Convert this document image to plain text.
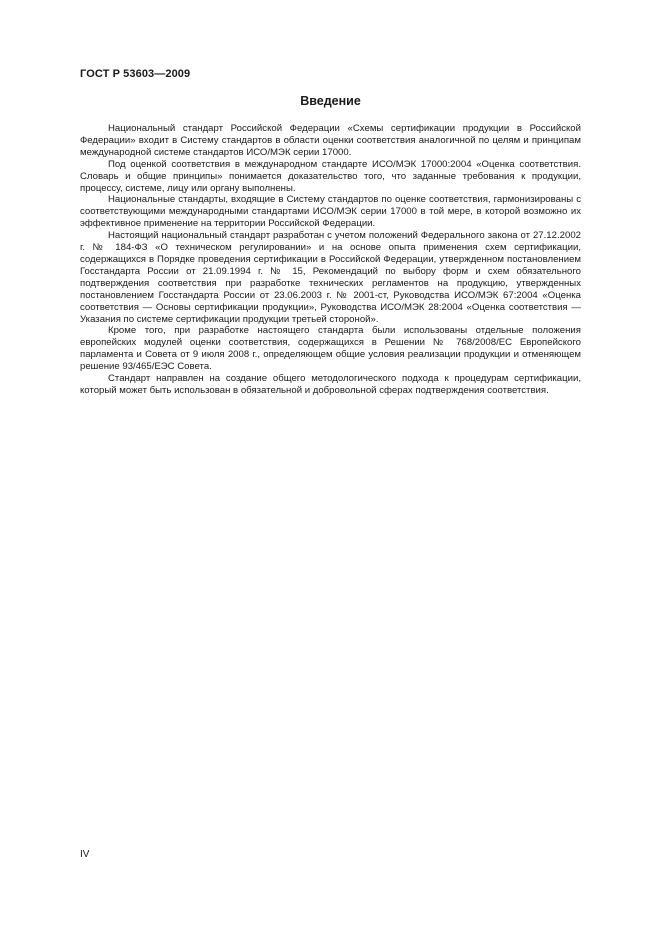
ГОСТ Р 53603—2009
Введение

Национальный стандарт Российской Федерации «Схемы сертификации продукции в Российской Федерации» входит в Систему стандартов в области оценки соответствия аналогичной по целям и принципам международной системе стандартов ИСО/МЭК серии 17000.

Под оценкой соответствия в международном стандарте ИСО/МЭК 17000:2004 «Оценка соответствия. Словарь и общие принципы» понимается доказательство того, что заданные требования к продукции, процессу, системе, лицу или органу выполнены.

Национальные стандарты, входящие в Систему стандартов по оценке соответствия, гармонизированы с соответствующими международными стандартами ИСО/МЭК серии 17000 в той мере, в которой возможно их эффективное применение на территории Российской Федерации.

Настоящий национальный стандарт разработан с учетом положений Федерального закона от 27.12.2002 г. № 184-ФЗ «О техническом регулировании» и на основе опыта применения схем сертификации, содержащихся в Порядке проведения сертификации в Российской Федерации, утвержденном постановлением Госстандарта России от 21.09.1994 г. № 15, Рекомендаций по выбору форм и схем обязательного подтверждения соответствия при разработке технических регламентов на продукцию, утвержденных постановлением Госстандарта России от 23.06.2003 г. № 2001-ст, Руководства ИСО/МЭК 67:2004 «Оценка соответствия — Основы сертификации продукции», Руководства ИСО/МЭК 28:2004 «Оценка соответствия — Указания по системе сертификации продукции третьей стороной».

Кроме того, при разработке настоящего стандарта были использованы отдельные положения европейских модулей оценки соответствия, содержащихся в Решении № 768/2008/ЕС Европейского парламента и Совета от 9 июля 2008 г., определяющем общие условия реализации продукции и отменяющем решение 93/465/ЕЭС Совета.

Стандарт направлен на создание общего методологического подхода к процедурам сертификации, который может быть использован в обязательной и добровольной сферах подтверждения соответствия.

IV
